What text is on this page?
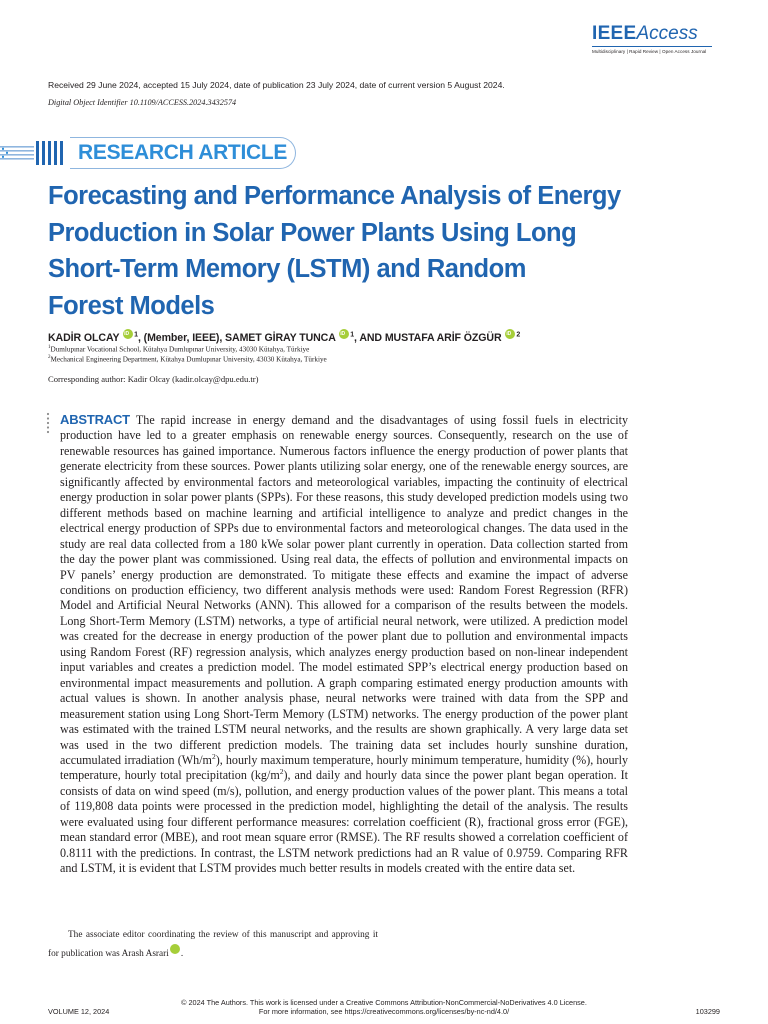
IEEEAccess
Multidisciplinary | Rapid Review | Open Access Journal
Received 29 June 2024, accepted 15 July 2024, date of publication 23 July 2024, date of current version 5 August 2024.
Digital Object Identifier 10.1109/ACCESS.2024.3432574
RESEARCH ARTICLE
Forecasting and Performance Analysis of Energy
Production in Solar Power Plants Using Long
Short-Term Memory (LSTM) and Random
Forest Models
KADİR OLCAY iD $^1$, (Member, IEEE), SAMET GİRAY TUNCA iD $^1$, AND MUSTAFA ARİF ÖZGÜR iD $^2$
$^1$Dumlupınar Vocational School, Kütahya Dumlupınar University, 43030 Kütahya, Türkiye
$^2$Mechanical Engineering Department, Kütahya Dumlupınar University, 43030 Kütahya, Türkiye
Corresponding author: Kadir Olcay (kadir.olcay@dpu.edu.tr)
ABSTRACT The rapid increase in energy demand and the disadvantages of using fossil fuels in electricity production have led to a greater emphasis on renewable energy sources. Consequently, research on the use of renewable resources has gained importance. Numerous factors influence the energy production of power plants that generate electricity from these sources. Power plants utilizing solar energy, one of the renewable energy sources, are significantly affected by environmental factors and meteorological variables, impacting the continuity of electrical energy production in solar power plants (SPPs). For these reasons, this study developed prediction models using two different methods based on machine learning and artificial intelligence to analyze and predict changes in the electrical energy production of SPPs due to environmental factors and meteorological changes. The data used in the study are real data collected from a 180 kWe solar power plant currently in operation. Data collection started from the day the power plant was commissioned. Using real data, the effects of pollution and environmental impacts on PV panels’ energy production are demonstrated. To mitigate these effects and examine the impact of adverse conditions on production efficiency, two different analysis methods were used: Random Forest Regression (RFR) Model and Artificial Neural Networks (ANN). This allowed for a comparison of the results between the models. Long Short-Term Memory (LSTM) networks, a type of artificial neural network, were utilized. A prediction model was created for the decrease in energy production of the power plant due to pollution and environmental impacts using Random Forest (RF) regression analysis, which analyzes energy production based on non-linear independent input variables and creates a prediction model. The model estimated SPP’s electrical energy production based on environmental impact measurements and pollution. A graph comparing estimated energy production amounts with actual values is shown. In another analysis phase, neural networks were trained with data from the SPP and measurement station using Long Short-Term Memory (LSTM) networks. The energy production of the power plant was estimated with the trained LSTM neural networks, and the results are shown graphically. A very large data set was used in the two different prediction models. The training data set includes hourly sunshine duration, accumulated irradiation $(Wh/m^2)$, hourly maximum temperature, hourly minimum temperature, humidity (%), hourly temperature, hourly total precipitation $(kg/m^2)$, and daily and hourly data since the power plant began operation. It consists of data on wind speed (m/s), pollution, and energy production values of the power plant. This means a total of 119,808 data points were processed in the prediction model, highlighting the detail of the analysis. The results were evaluated using four different performance measures: correlation coefficient (R), fractional gross error (FGE), mean standard error (MBE), and root mean square error (RMSE). The RF results showed a correlation coefficient of 0.8111 with the predictions. In contrast, the LSTM network predictions had an R value of 0.9759. Comparing RFR and LSTM, it is evident that LSTM provides much better results in models created with the entire data set.
The associate editor coordinating the review of this manuscript and approving it for publication was Arash Asrari iD .
© 2024 The Authors. This work is licensed under a Creative Commons Attribution-NonCommercial-NoDerivatives 4.0 License.
For more information, see https://creativecommons.org/licenses/by-nc-nd/4.0/
VOLUME 12, 2024	103299
